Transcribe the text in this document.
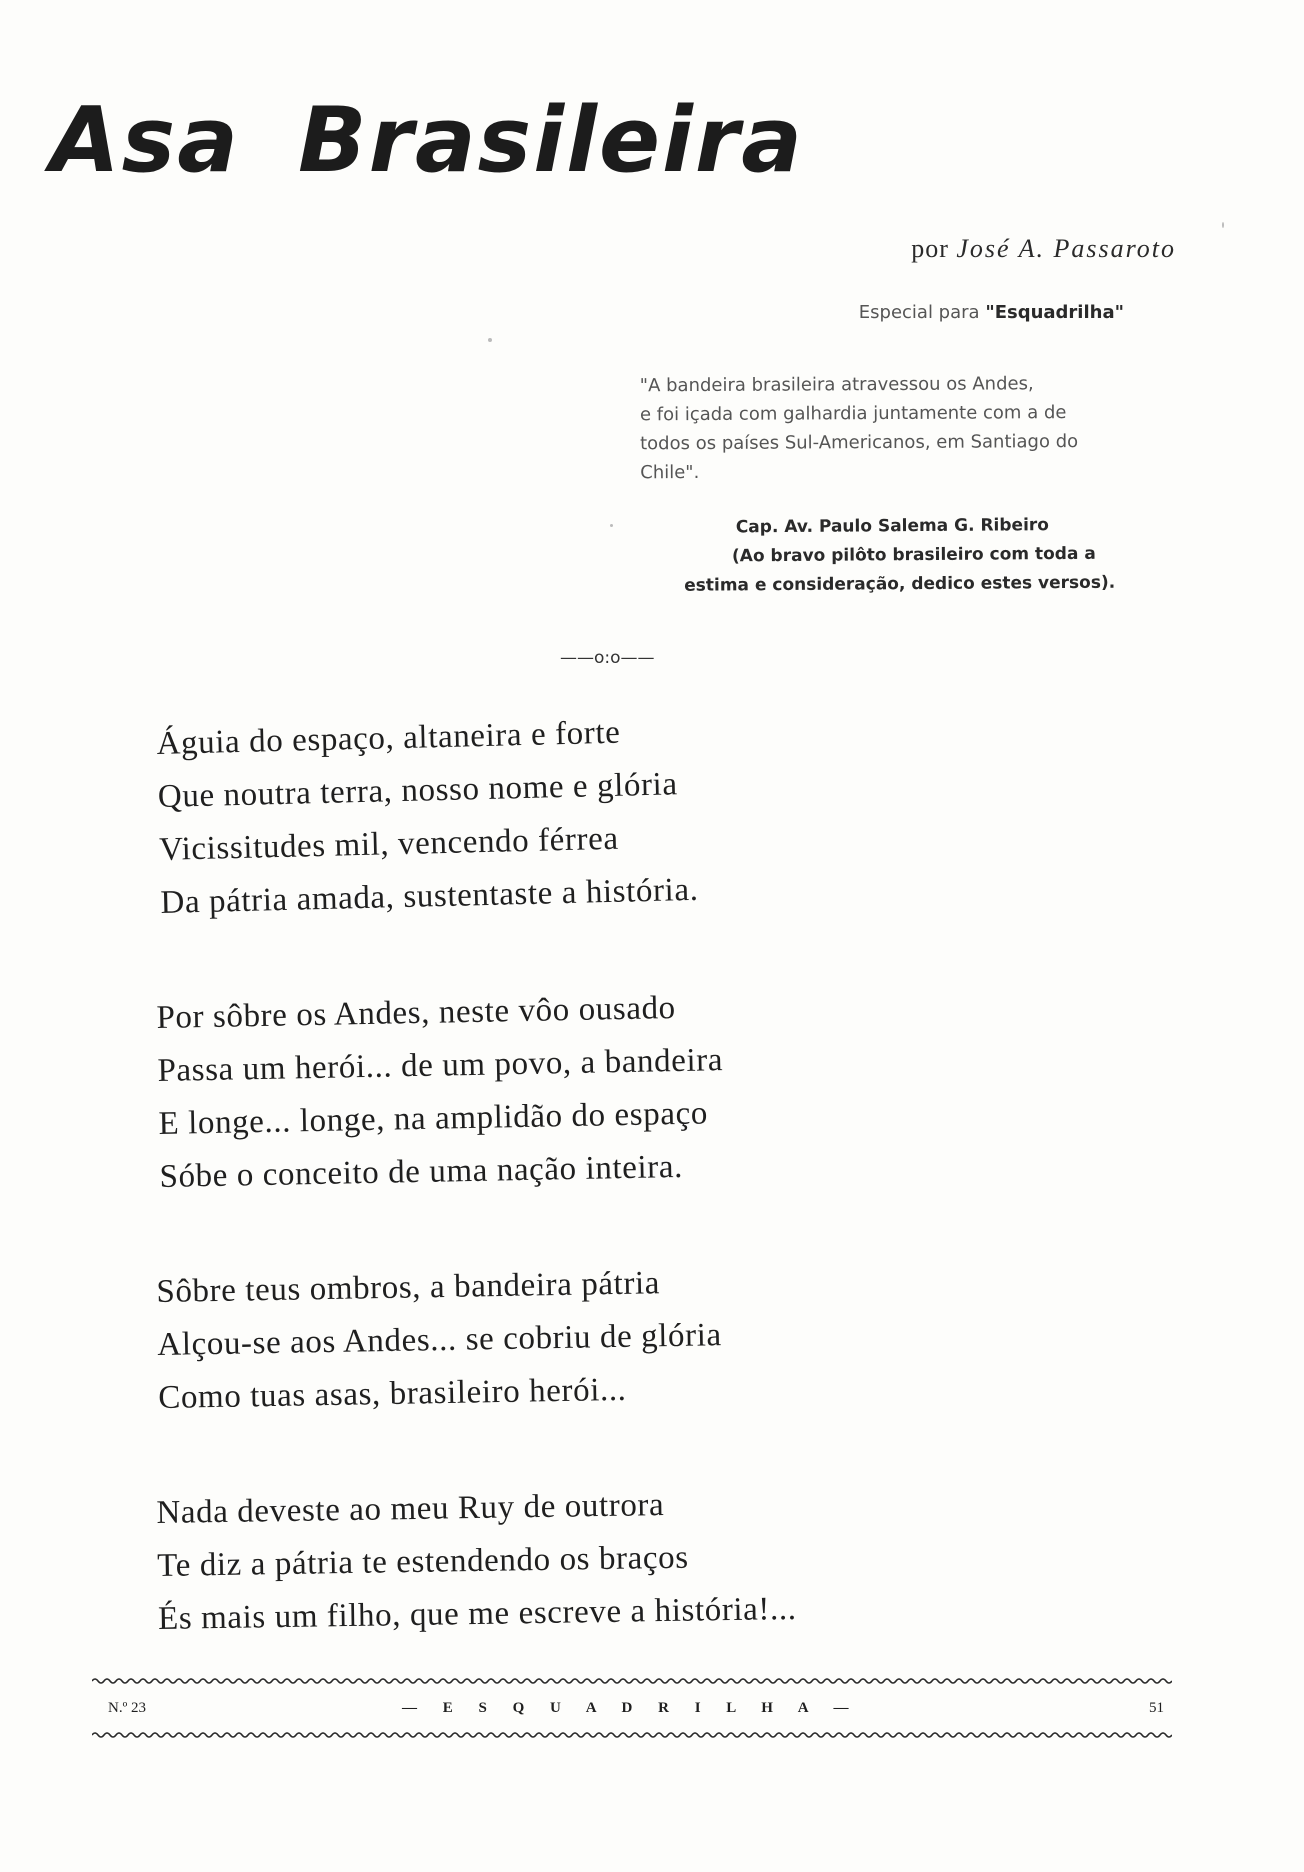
Asa Brasileira
por José A. Passaroto
Especial para "Esquadrilha"
"A bandeira brasileira atravessou os Andes,
e foi içada com galhardia juntamente com a de
todos os países Sul-Americanos, em Santiago do
Chile".
Cap. Av. Paulo Salema G. Ribeiro
(Ao bravo pilôto brasileiro com toda a
estima e consideração, dedico estes versos).
——o:o——
Águia do espaço, altaneira e forte
Que noutra terra, nosso nome e glória
Vicissitudes mil, vencendo férrea
Da pátria amada, sustentaste a história.
Por sôbre os Andes, neste vôo ousado
Passa um herói... de um povo, a bandeira
E longe... longe, na amplidão do espaço
Sóbe o conceito de uma nação inteira.
Sôbre teus ombros, a bandeira pátria
Alçou-se aos Andes... se cobriu de glória
Como tuas asas, brasileiro herói...
Nada deveste ao meu Ruy de outrora
Te diz a pátria te estendendo os braços
És mais um filho, que me escreve a história!...
N.º 23	— E S Q U A D R I L H A —	51
